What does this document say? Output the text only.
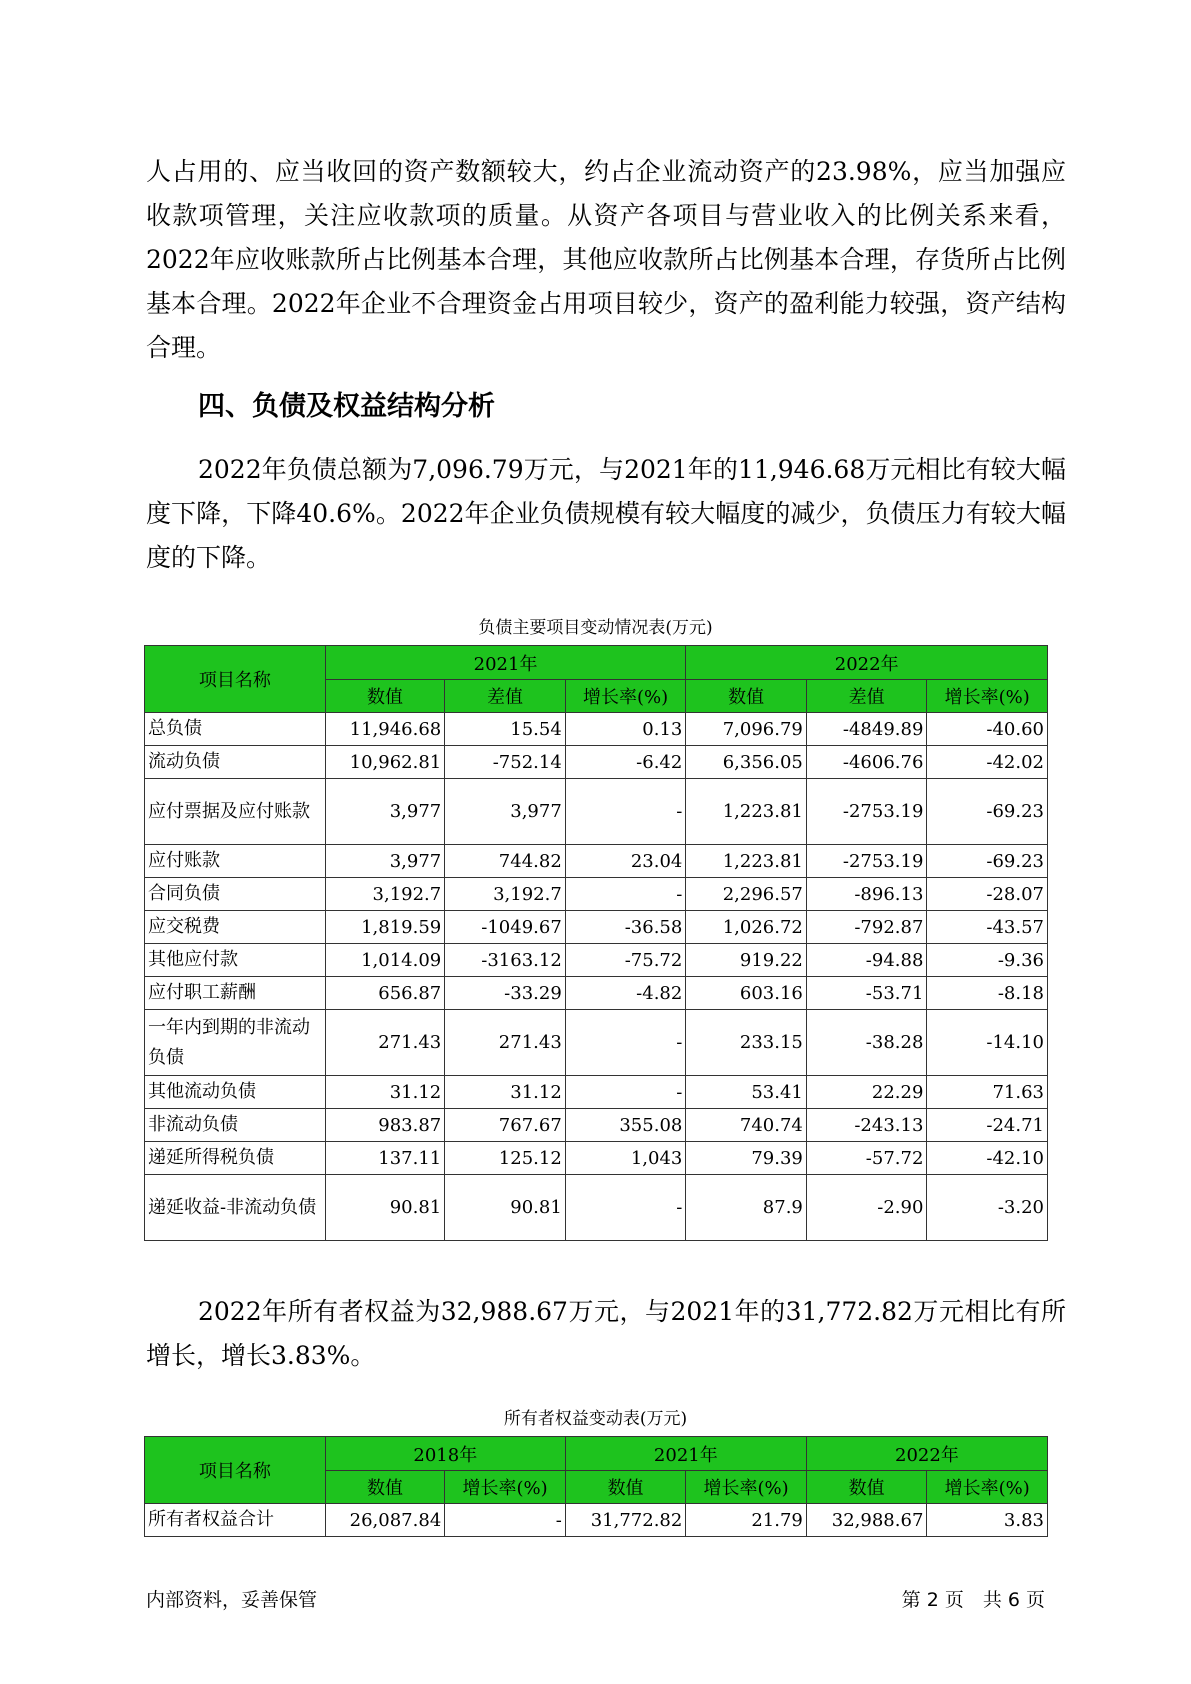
人占用的、应当收回的资产数额较大，约占企业流动资产的23.98%，应当加强应收款项管理，关注应收款项的质量。从资产各项目与营业收入的比例关系来看，2022年应收账款所占比例基本合理，其他应收款所占比例基本合理，存货所占比例基本合理。2022年企业不合理资金占用项目较少，资产的盈利能力较强，资产结构合理。

四、负债及权益结构分析

2022年负债总额为7,096.79万元，与2021年的11,946.68万元相比有较大幅度下降，下降40.6%。2022年企业负债规模有较大幅度的减少，负债压力有较大幅度的下降。

负债主要项目变动情况表(万元)
项目名称	2021年			2022年		
	数值	差值	增长率(%)	数值	差值	增长率(%)
总负债	11,946.68	15.54	0.13	7,096.79	-4849.89	-40.60
流动负债	10,962.81	-752.14	-6.42	6,356.05	-4606.76	-42.02
应付票据及应付账款	3,977	3,977	-	1,223.81	-2753.19	-69.23
应付账款	3,977	744.82	23.04	1,223.81	-2753.19	-69.23
合同负债	3,192.7	3,192.7	-	2,296.57	-896.13	-28.07
应交税费	1,819.59	-1049.67	-36.58	1,026.72	-792.87	-43.57
其他应付款	1,014.09	-3163.12	-75.72	919.22	-94.88	-9.36
应付职工薪酬	656.87	-33.29	-4.82	603.16	-53.71	-8.18
一年内到期的非流动负债	271.43	271.43	-	233.15	-38.28	-14.10
其他流动负债	31.12	31.12	-	53.41	22.29	71.63
非流动负债	983.87	767.67	355.08	740.74	-243.13	-24.71
递延所得税负债	137.11	125.12	1,043	79.39	-57.72	-42.10
递延收益-非流动负债	90.81	90.81	-	87.9	-2.90	-3.20

2022年所有者权益为32,988.67万元，与2021年的31,772.82万元相比有所增长，增长3.83%。

所有者权益变动表(万元)
项目名称	2018年		2021年		2022年	
	数值	增长率(%)	数值	增长率(%)	数值	增长率(%)
所有者权益合计	26,087.84	-	31,772.82	21.79	32,988.67	3.83
内部资料，妥善保管	第 2 页　共 6 页
